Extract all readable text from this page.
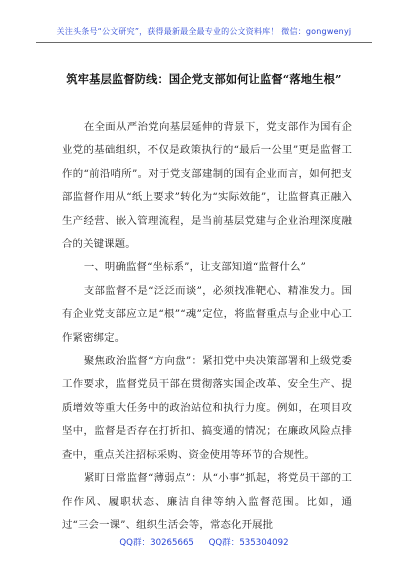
关注头条号“公文研究”，获得最新最全最专业的公文资料库！ 微信：gongwenyj
筑牢基层监督防线：国企党支部如何让监督“落地生根”

在全面从严治党向基层延伸的背景下，党支部作为国有企业党的基础组织，不仅是政策执行的“最后一公里”更是监督工作的“前沿哨所”。对于党支部建制的国有企业而言，如何把支部监督作用从“纸上要求”转化为“实际效能”，让监督真正融入生产经营、嵌入管理流程，是当前基层党建与企业治理深度融合的关键课题。

一、明确监督“坐标系”，让支部知道“监督什么”

支部监督不是“泛泛而谈”，必须找准靶心、精准发力。国有企业党支部应立足“根”“魂”定位，将监督重点与企业中心工作紧密绑定。

聚焦政治监督“方向盘”：紧扣党中央决策部署和上级党委工作要求，监督党员干部在贯彻落实国企改革、安全生产、提质增效等重大任务中的政治站位和执行力度。例如，在项目攻坚中，监督是否存在打折扣、搞变通的情况；在廉政风险点排查中，重点关注招标采购、资金使用等环节的合规性。

紧盯日常监督“薄弱点”：从“小事”抓起，将党员干部的工作作风、履职状态、廉洁自律等纳入监督范围。比如，通过“三会一课”、组织生活会等，常态化开展批

QQ群：30265665 QQ群：535304092
